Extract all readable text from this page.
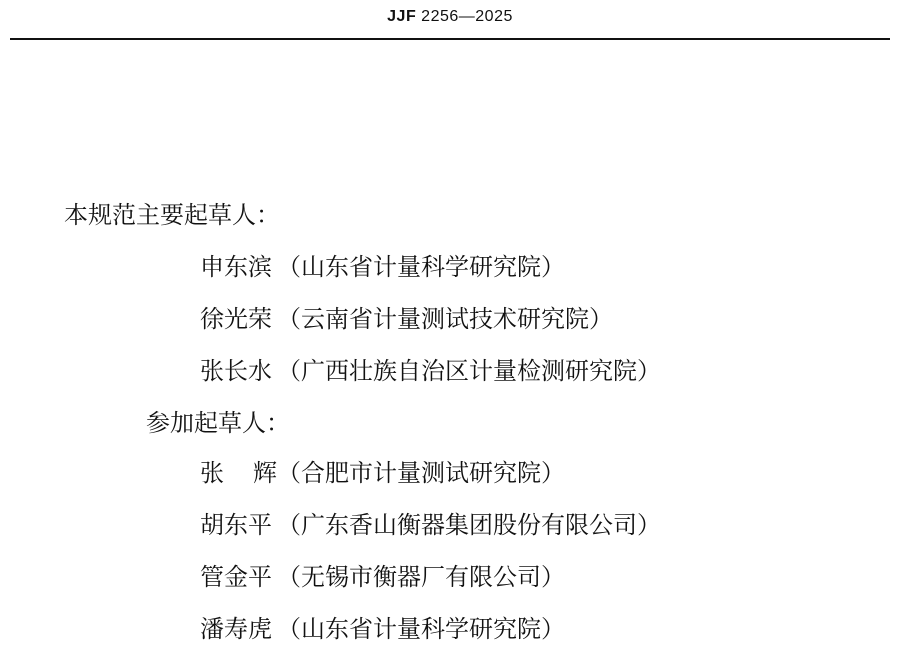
JJF 2256—2025
本规范主要起草人：
申东滨 （山东省计量科学研究院）
徐光荣 （云南省计量测试技术研究院）
张长水 （广西壮族自治区计量检测研究院）
参加起草人：
张 辉（合肥市计量测试研究院）
胡东平 （广东香山衡器集团股份有限公司）
管金平 （无锡市衡器厂有限公司）
潘寿虎 （山东省计量科学研究院）
